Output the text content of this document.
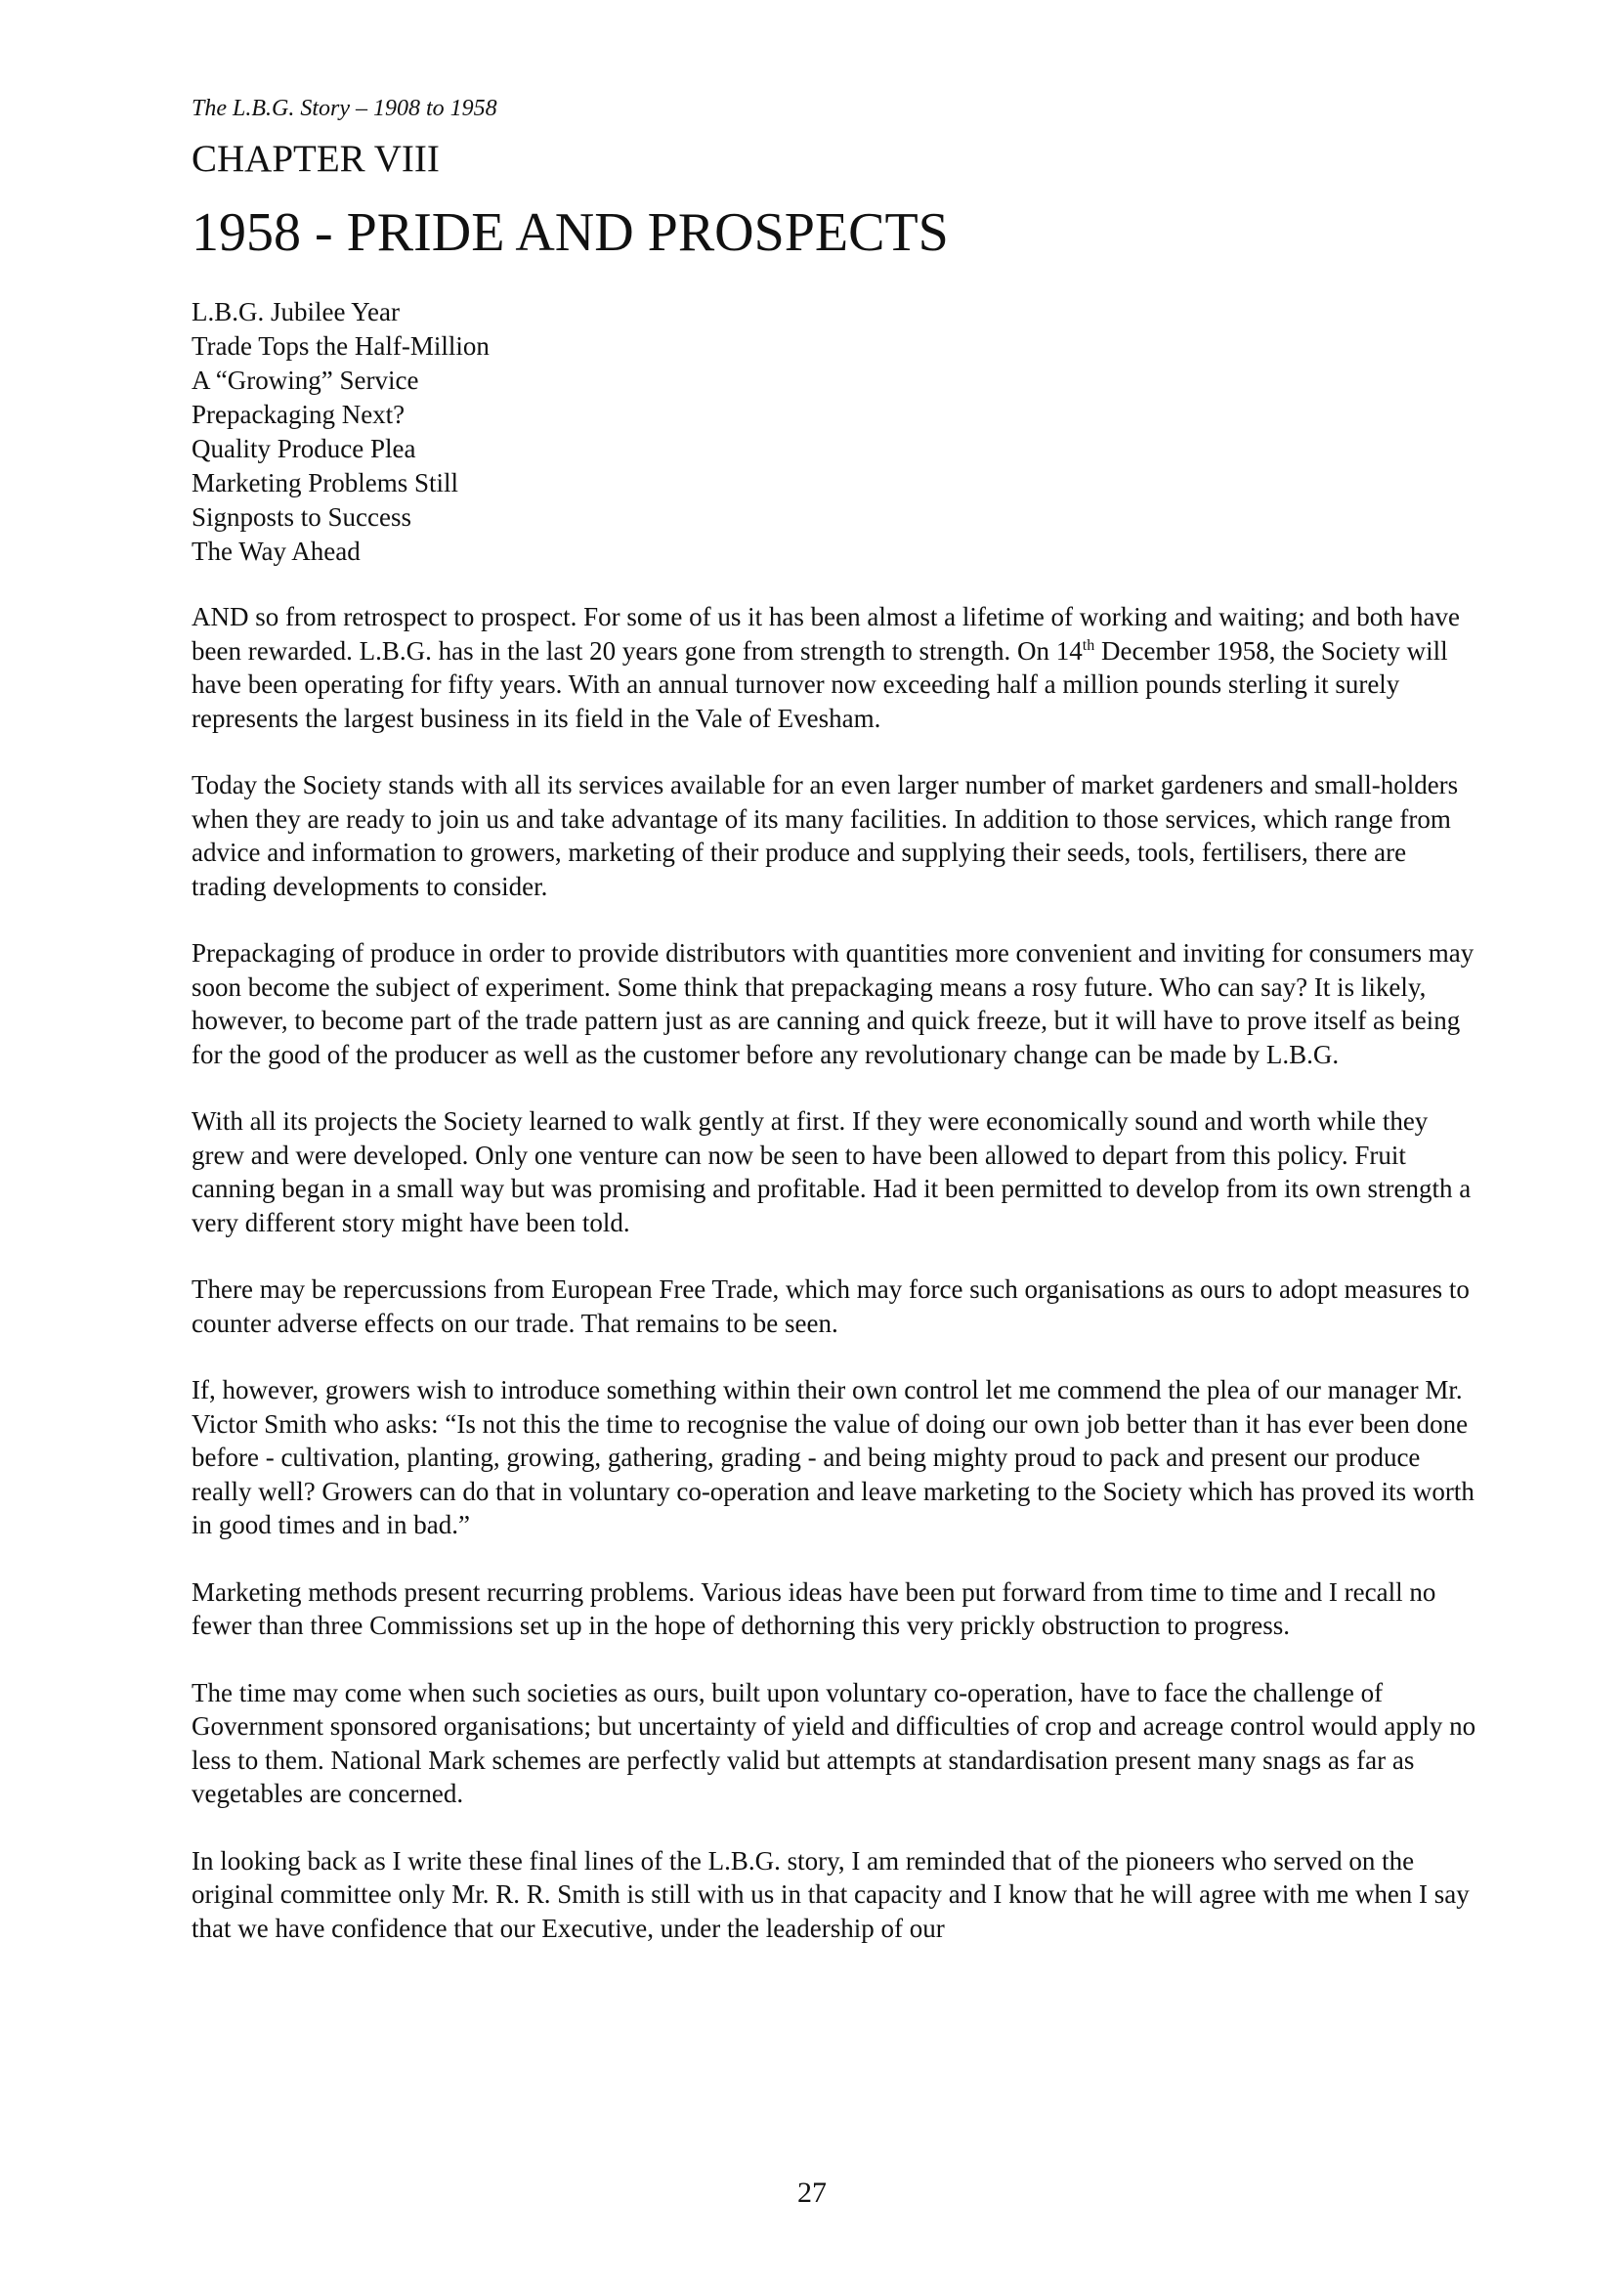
The L.B.G. Story – 1908 to 1958
CHAPTER VIII
1958 - PRIDE AND PROSPECTS
L.B.G. Jubilee Year
Trade Tops the Half-Million
A “Growing” Service
Prepackaging Next?
Quality Produce Plea
Marketing Problems Still
Signposts to Success
The Way Ahead

AND so from retrospect to prospect. For some of us it has been almost a lifetime of working and waiting; and both have been rewarded. L.B.G. has in the last 20 years gone from strength to strength. On 14th December 1958, the Society will have been operating for fifty years. With an annual turnover now exceeding half a million pounds sterling it surely represents the largest business in its field in the Vale of Evesham.

Today the Society stands with all its services available for an even larger number of market gardeners and small-holders when they are ready to join us and take advantage of its many facilities. In addition to those services, which range from advice and information to growers, marketing of their produce and supplying their seeds, tools, fertilisers, there are trading developments to consider.

Prepackaging of produce in order to provide distributors with quantities more convenient and inviting for consumers may soon become the subject of experiment. Some think that prepackaging means a rosy future. Who can say? It is likely, however, to become part of the trade pattern just as are canning and quick freeze, but it will have to prove itself as being for the good of the producer as well as the customer before any revolutionary change can be made by L.B.G.

With all its projects the Society learned to walk gently at first. If they were economically sound and worth while they grew and were developed. Only one venture can now be seen to have been allowed to depart from this policy. Fruit canning began in a small way but was promising and profitable. Had it been permitted to develop from its own strength a very different story might have been told.

There may be repercussions from European Free Trade, which may force such organisations as ours to adopt measures to counter adverse effects on our trade. That remains to be seen.

If, however, growers wish to introduce something within their own control let me commend the plea of our manager Mr. Victor Smith who asks: “Is not this the time to recognise the value of doing our own job better than it has ever been done before - cultivation, planting, growing, gathering, grading - and being mighty proud to pack and present our produce really well? Growers can do that in voluntary co-operation and leave marketing to the Society which has proved its worth in good times and in bad.”

Marketing methods present recurring problems. Various ideas have been put forward from time to time and I recall no fewer than three Commissions set up in the hope of dethorning this very prickly obstruction to progress.

The time may come when such societies as ours, built upon voluntary co-operation, have to face the challenge of Government sponsored organisations; but uncertainty of yield and difficulties of crop and acreage control would apply no less to them. National Mark schemes are perfectly valid but attempts at standardisation present many snags as far as vegetables are concerned.

In looking back as I write these final lines of the L.B.G. story, I am reminded that of the pioneers who served on the original committee only Mr. R. R. Smith is still with us in that capacity and I know that he will agree with me when I say that we have confidence that our Executive, under the leadership of our

27
